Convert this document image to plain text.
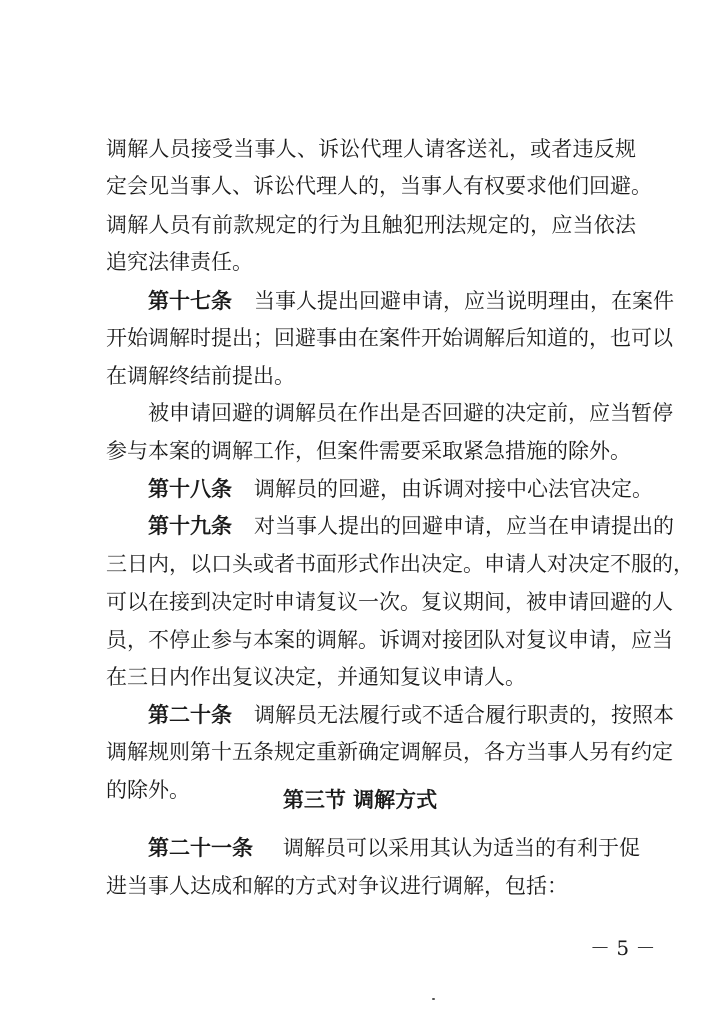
调解人员接受当事人、诉讼代理人请客送礼，或者违反规
定会见当事人、诉讼代理人的，当事人有权要求他们回避。
调解人员有前款规定的行为且触犯刑法规定的，应当依法
追究法律责任。
第十七条 当事人提出回避申请，应当说明理由，在案件
开始调解时提出；回避事由在案件开始调解后知道的，也可以
在调解终结前提出。
被申请回避的调解员在作出是否回避的决定前，应当暂停
参与本案的调解工作，但案件需要采取紧急措施的除外。
第十八条 调解员的回避，由诉调对接中心法官决定。
第十九条 对当事人提出的回避申请，应当在申请提出的
三日内，以口头或者书面形式作出决定。申请人对决定不服的，
可以在接到决定时申请复议一次。复议期间，被申请回避的人
员，不停止参与本案的调解。诉调对接团队对复议申请，应当
在三日内作出复议决定，并通知复议申请人。
第二十条 调解员无法履行或不适合履行职责的，按照本
调解规则第十五条规定重新确定调解员，各方当事人另有约定
的除外。	第三节 调解方式
第二十一条 调解员可以采用其认为适当的有利于促
进当事人达成和解的方式对争议进行调解，包括：
－ 5 －
